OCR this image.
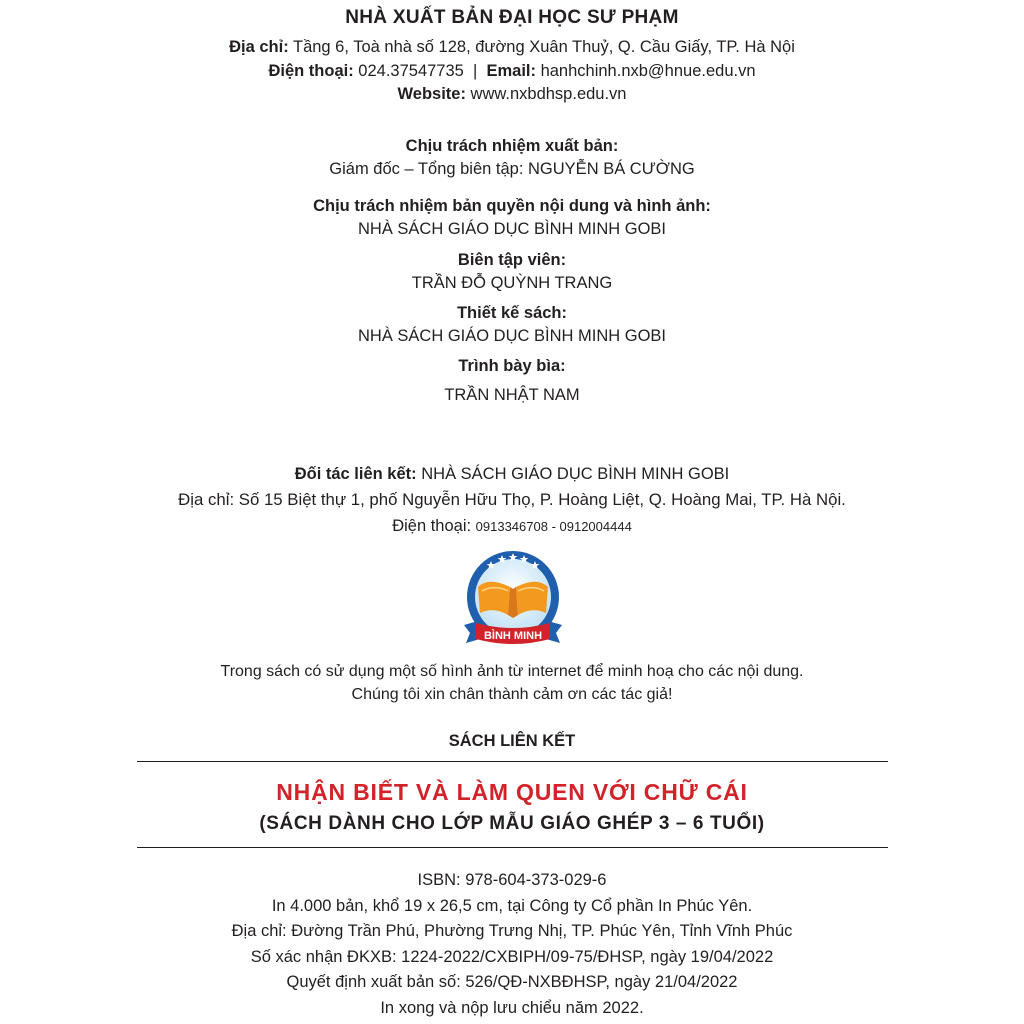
NHÀ XUẤT BẢN ĐẠI HỌC SƯ PHẠM
Địa chỉ: Tầng 6, Toà nhà số 128, đường Xuân Thuỷ, Q. Cầu Giấy, TP. Hà Nội
Điện thoại: 024.37547735  |  Email: hanhchinh.nxb@hnue.edu.vn
Website: www.nxbdhsp.edu.vn
Chịu trách nhiệm xuất bản:
Giám đốc – Tổng biên tập: NGUYỄN BÁ CƯỜNG
Chịu trách nhiệm bản quyền nội dung và hình ảnh:
NHÀ SÁCH GIÁO DỤC BÌNH MINH GOBI
Biên tập viên:
TRẦN ĐỖ QUỲNH TRANG
Thiết kế sách:
NHÀ SÁCH GIÁO DỤC BÌNH MINH GOBI
Trình bày bìa:
TRẦN NHẬT NAM
Đối tác liên kết: NHÀ SÁCH GIÁO DỤC BÌNH MINH GOBI
Địa chỉ: Số 15 Biệt thự 1, phố Nguyễn Hữu Thọ, P. Hoàng Liệt, Q. Hoàng Mai, TP. Hà Nội.
Điện thoại: 0913346708 - 0912004444
BÌNH MINH
Trong sách có sử dụng một số hình ảnh từ internet để minh hoạ cho các nội dung.
Chúng tôi xin chân thành cảm ơn các tác giả!
SÁCH LIÊN KẾT
NHẬN BIẾT VÀ LÀM QUEN VỚI CHỮ CÁI
(SÁCH DÀNH CHO LỚP MẪU GIÁO GHÉP 3 – 6 TUỔI)
ISBN: 978-604-373-029-6
In 4.000 bản, khổ 19 x 26,5 cm, tại Công ty Cổ phần In Phúc Yên.
Địa chỉ: Đường Trần Phú, Phường Trưng Nhị, TP. Phúc Yên, Tỉnh Vĩnh Phúc
Số xác nhận ĐKXB: 1224-2022/CXBIPH/09-75/ĐHSP, ngày 19/04/2022
Quyết định xuất bản số: 526/QĐ-NXBĐHSP, ngày 21/04/2022
In xong và nộp lưu chiểu năm 2022.
